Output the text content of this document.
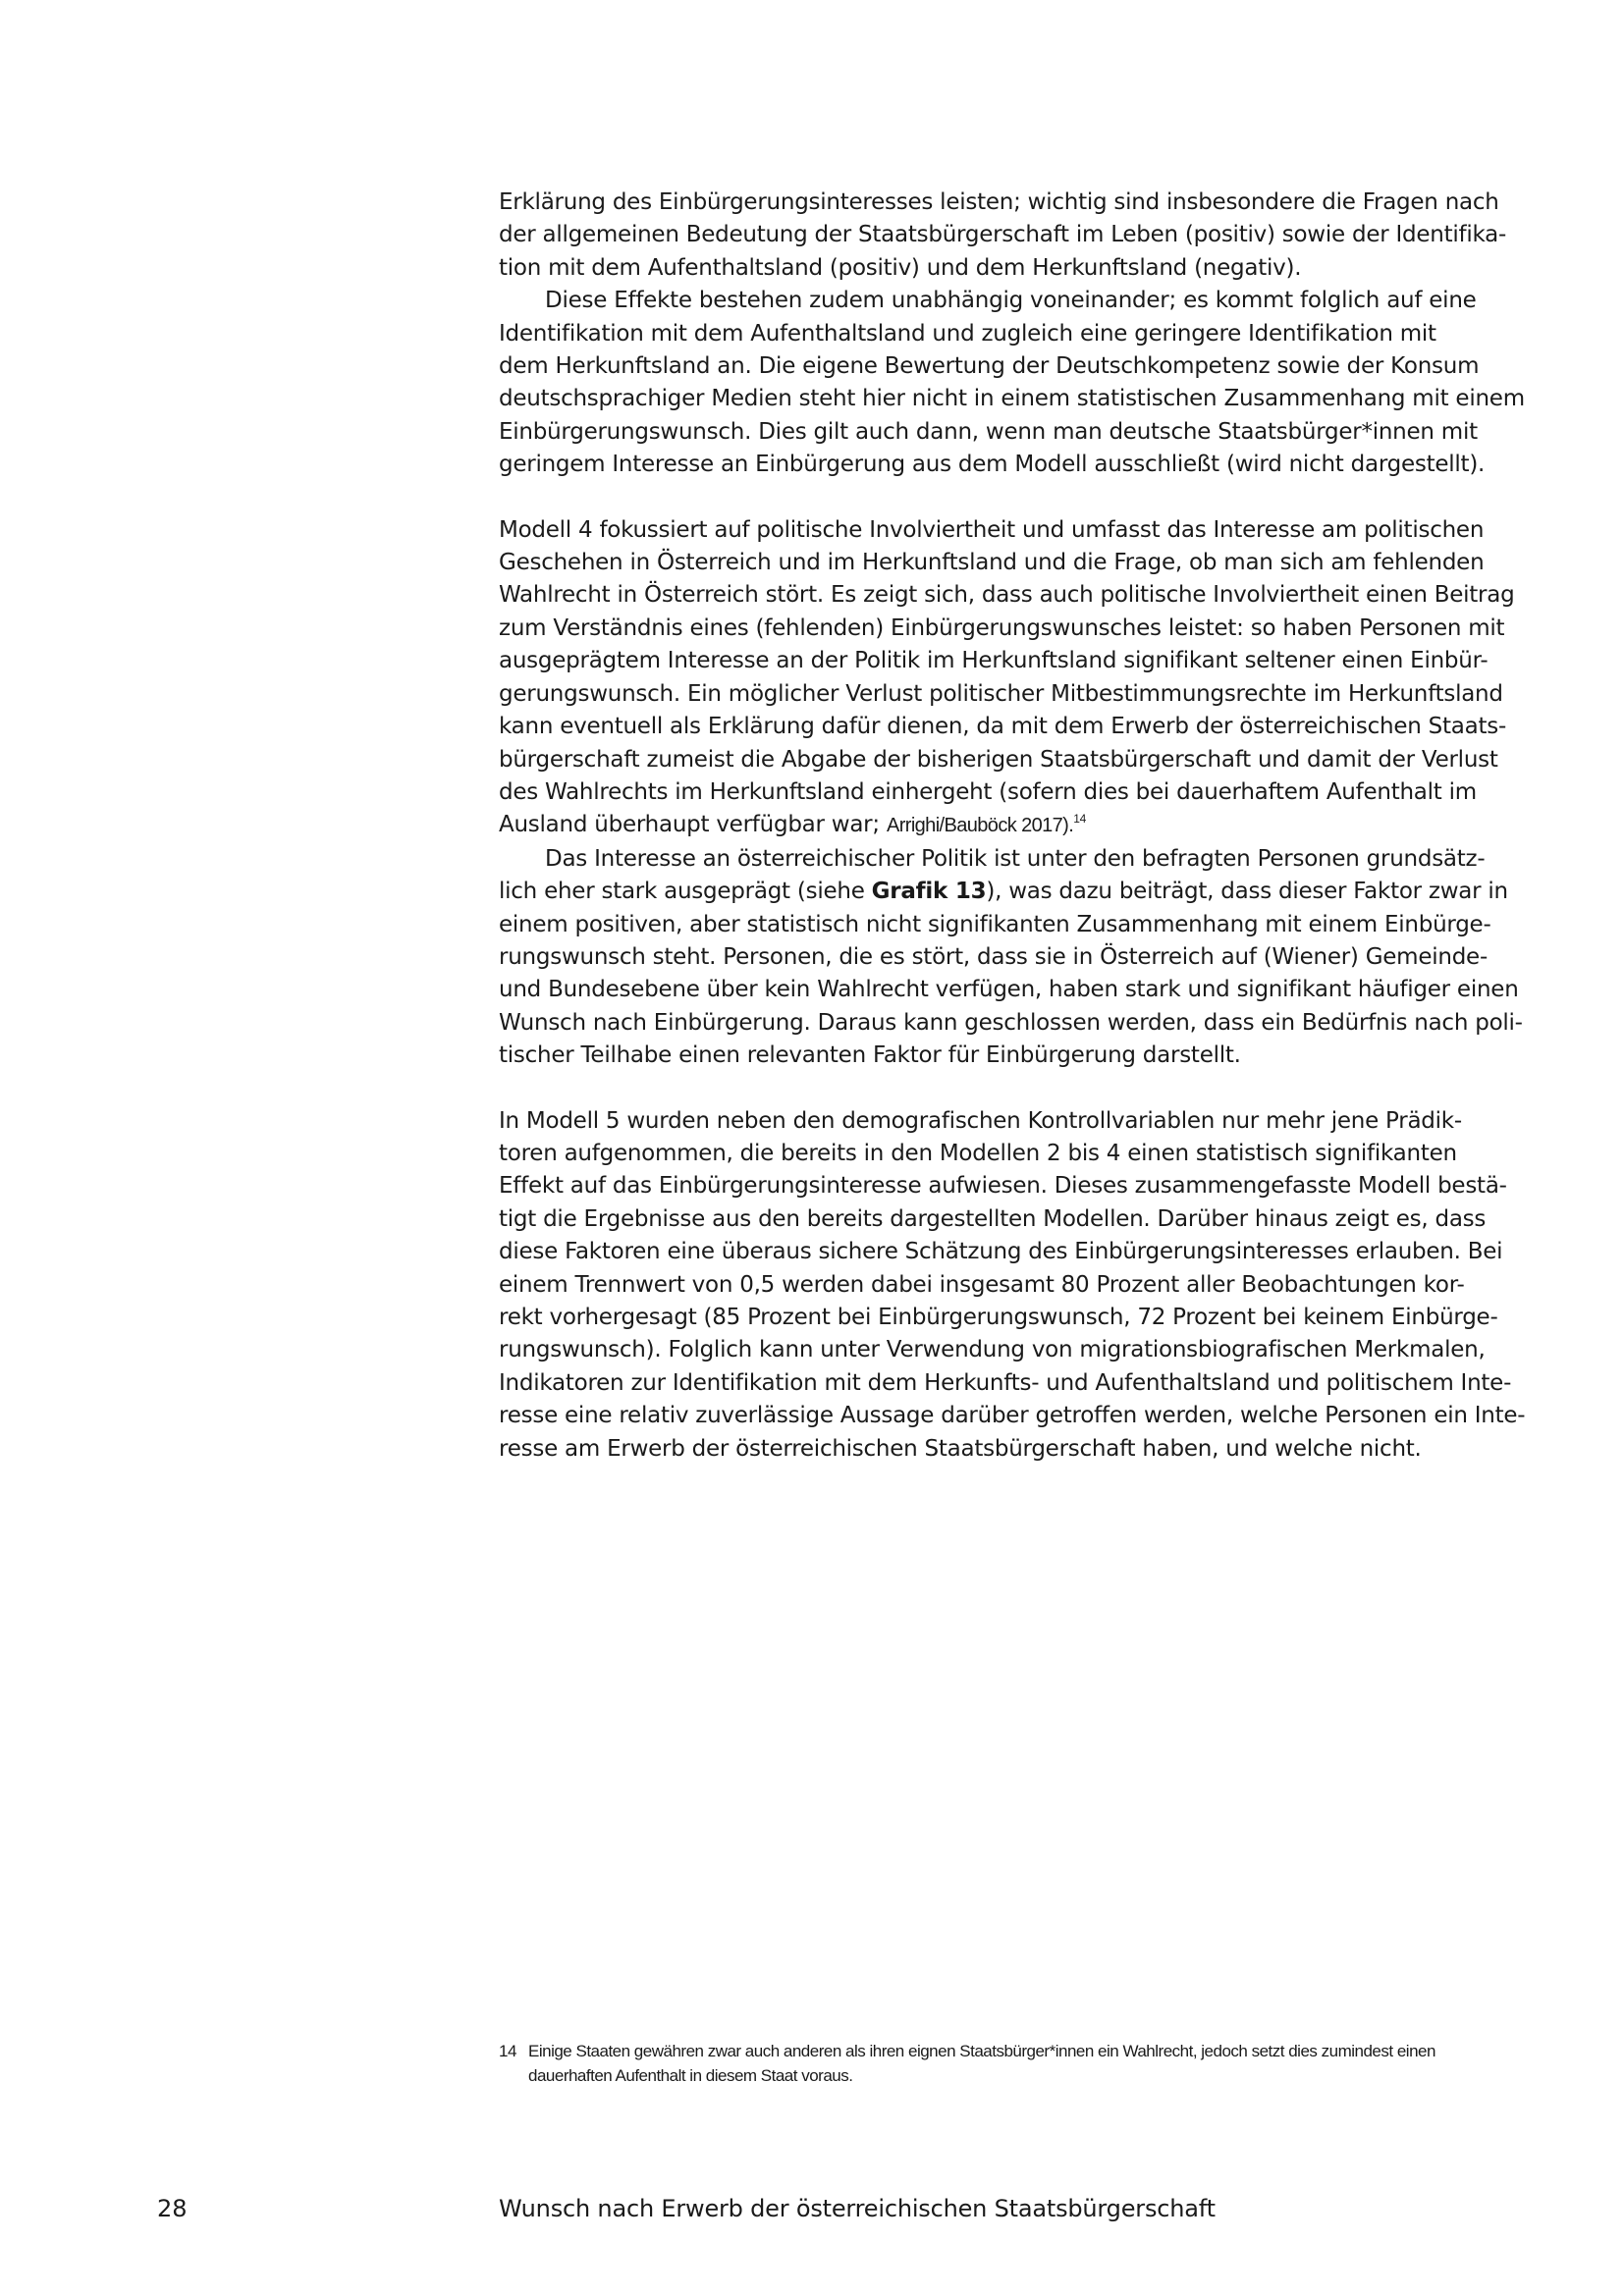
Erklärung des Einbürgerungsinteresses leisten; wichtig sind insbesondere die Fragen nach
der allgemeinen Bedeutung der Staatsbürgerschaft im Leben (positiv) sowie der Identifika-
tion mit dem Aufenthaltsland (positiv) und dem Herkunftsland (negativ).

Diese Effekte bestehen zudem unabhängig voneinander; es kommt folglich auf eine
Identifikation mit dem Aufenthaltsland und zugleich eine geringere Identifikation mit
dem Herkunftsland an. Die eigene Bewertung der Deutschkompetenz sowie der Konsum
deutschsprachiger Medien steht hier nicht in einem statistischen Zusammenhang mit einem
Einbürgerungswunsch. Dies gilt auch dann, wenn man deutsche Staatsbürger*innen mit
geringem Interesse an Einbürgerung aus dem Modell ausschließt (wird nicht dargestellt).

Modell 4 fokussiert auf politische Involviertheit und umfasst das Interesse am politischen
Geschehen in Österreich und im Herkunftsland und die Frage, ob man sich am fehlenden
Wahlrecht in Österreich stört. Es zeigt sich, dass auch politische Involviertheit einen Beitrag
zum Verständnis eines (fehlenden) Einbürgerungswunsches leistet: so haben Personen mit
ausgeprägtem Interesse an der Politik im Herkunftsland signifikant seltener einen Einbür-
gerungswunsch. Ein möglicher Verlust politischer Mitbestimmungsrechte im Herkunftsland
kann eventuell als Erklärung dafür dienen, da mit dem Erwerb der österreichischen Staats-
bürgerschaft zumeist die Abgabe der bisherigen Staatsbürgerschaft und damit der Verlust
des Wahlrechts im Herkunftsland einhergeht (sofern dies bei dauerhaftem Aufenthalt im
Ausland überhaupt verfügbar war; Arrighi/Bauböck 2017).$^{14}$

Das Interesse an österreichischer Politik ist unter den befragten Personen grundsätz-
lich eher stark ausgeprägt (siehe Grafik 13), was dazu beiträgt, dass dieser Faktor zwar in
einem positiven, aber statistisch nicht signifikanten Zusammenhang mit einem Einbürge-
rungswunsch steht. Personen, die es stört, dass sie in Österreich auf (Wiener) Gemeinde-
und Bundesebene über kein Wahlrecht verfügen, haben stark und signifikant häufiger einen
Wunsch nach Einbürgerung. Daraus kann geschlossen werden, dass ein Bedürfnis nach poli-
tischer Teilhabe einen relevanten Faktor für Einbürgerung darstellt.

In Modell 5 wurden neben den demografischen Kontrollvariablen nur mehr jene Prädik-
toren aufgenommen, die bereits in den Modellen 2 bis 4 einen statistisch signifikanten
Effekt auf das Einbürgerungsinteresse aufwiesen. Dieses zusammengefasste Modell bestä-
tigt die Ergebnisse aus den bereits dargestellten Modellen. Darüber hinaus zeigt es, dass
diese Faktoren eine überaus sichere Schätzung des Einbürgerungsinteresses erlauben. Bei
einem Trennwert von 0,5 werden dabei insgesamt 80 Prozent aller Beobachtungen kor-
rekt vorhergesagt (85 Prozent bei Einbürgerungswunsch, 72 Prozent bei keinem Einbürge-
rungswunsch). Folglich kann unter Verwendung von migrationsbiografischen Merkmalen,
Indikatoren zur Identifikation mit dem Herkunfts- und Aufenthaltsland und politischem Inte-
resse eine relativ zuverlässige Aussage darüber getroffen werden, welche Personen ein Inte-
resse am Erwerb der österreichischen Staatsbürgerschaft haben, und welche nicht.

14 Einige Staaten gewähren zwar auch anderen als ihren eignen Staatsbürger*innen ein Wahlrecht, jedoch setzt dies zumindest einen
dauerhaften Aufenthalt in diesem Staat voraus.
28	Wunsch nach Erwerb der österreichischen Staatsbürgerschaft
